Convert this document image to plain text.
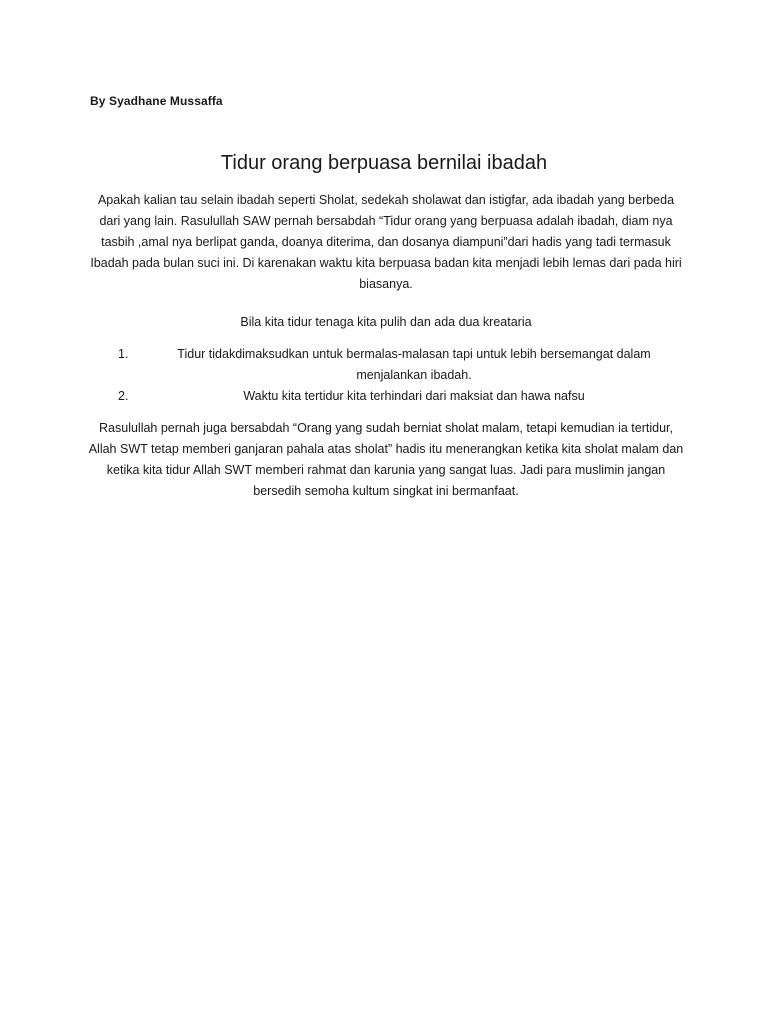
By Syadhane Mussaffa
Tidur orang berpuasa bernilai ibadah

Apakah kalian tau selain ibadah seperti Sholat, sedekah sholawat dan istigfar, ada ibadah yang berbeda dari yang lain. Rasulullah SAW pernah bersabdah “Tidur orang yang berpuasa adalah ibadah, diam nya tasbih ,amal nya berlipat ganda, doanya diterima, dan dosanya diampuni”dari hadis yang tadi termasuk Ibadah pada bulan suci ini. Di karenakan waktu kita berpuasa badan kita menjadi lebih lemas dari pada hiri biasanya.

Bila kita tidur tenaga kita pulih dan ada dua kreataria

1.	Tidur tidakdimaksudkan untuk bermalas-malasan tapi untuk lebih bersemangat dalam menjalankan ibadah.
2.	Waktu kita tertidur kita terhindari dari maksiat dan hawa nafsu

Rasulullah pernah juga bersabdah “Orang yang sudah berniat sholat malam, tetapi kemudian ia tertidur, Allah SWT tetap memberi ganjaran pahala atas sholat” hadis itu menerangkan ketika kita sholat malam dan ketika kita tidur Allah SWT memberi rahmat dan karunia yang sangat luas. Jadi para muslimin jangan bersedih semoha kultum singkat ini bermanfaat.
